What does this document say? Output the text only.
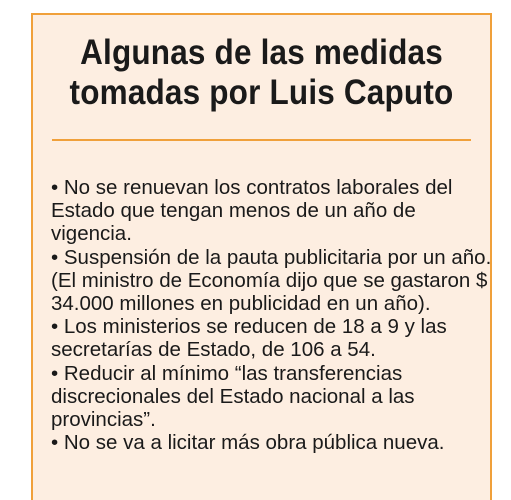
Algunas de las medidas
tomadas por Luis Caputo
• No se renuevan los contratos laborales del Estado que tengan menos de un año de vigencia.
• Suspensión de la pauta publicitaria por un año. (El ministro de Economía dijo que se gastaron $ 34.000 millones en publicidad en un año).
• Los ministerios se reducen de 18 a 9 y las secretarías de Estado, de 106 a 54.
• Reducir al mínimo “las transferencias discrecionales del Estado nacional a las provincias”.
• No se va a licitar más obra pública nueva.
